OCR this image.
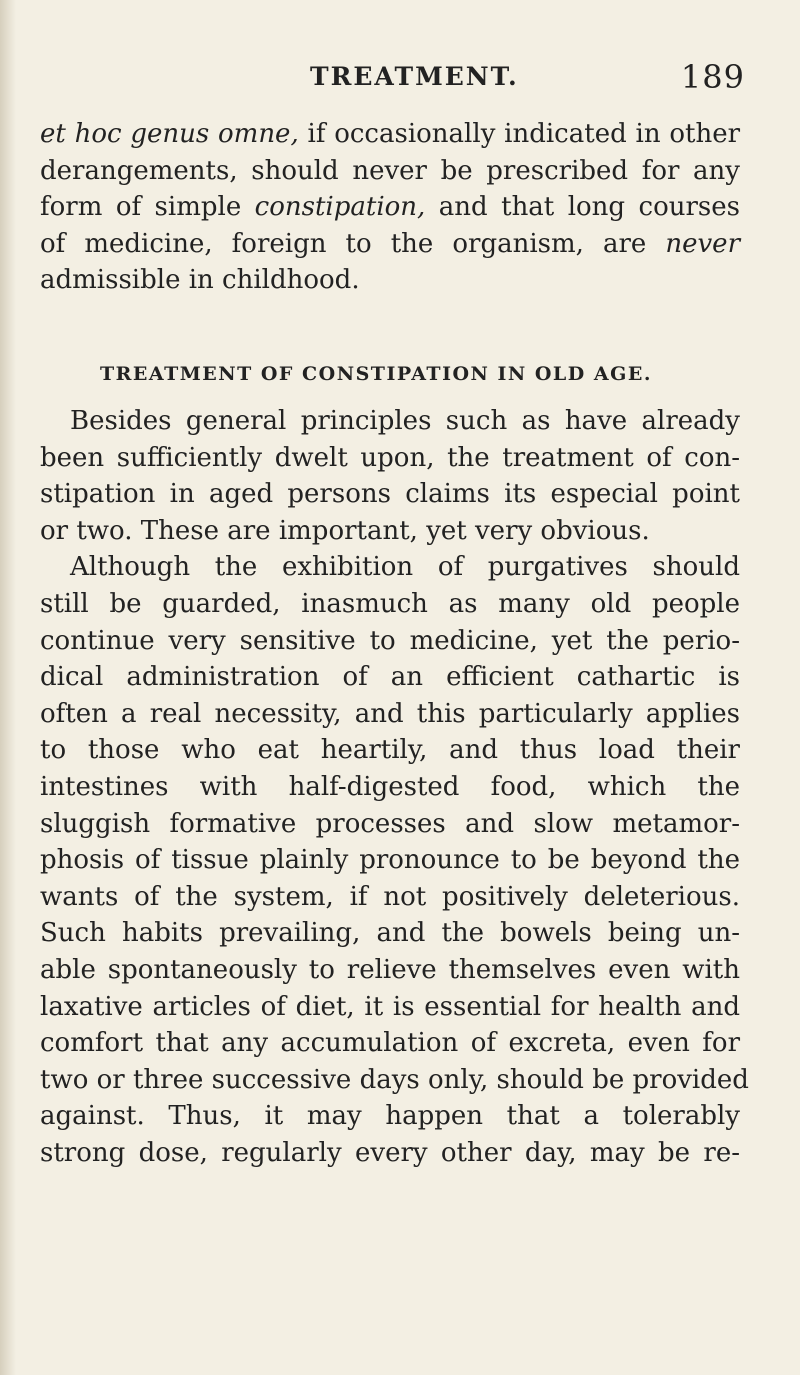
TREATMENT.	189
et hoc genus omne, if occasionally indicated in other
derangements, should never be prescribed for any
form of simple constipation, and that long courses
of medicine, foreign to the organism, are never
admissible in childhood.
TREATMENT OF CONSTIPATION IN OLD AGE.
Besides general principles such as have already
been sufficiently dwelt upon, the treatment of con-
stipation in aged persons claims its especial point
or two. These are important, yet very obvious.
Although the exhibition of purgatives should
still be guarded, inasmuch as many old people
continue very sensitive to medicine, yet the perio-
dical administration of an efficient cathartic is
often a real necessity, and this particularly applies
to those who eat heartily, and thus load their
intestines with half-digested food, which the
sluggish formative processes and slow metamor-
phosis of tissue plainly pronounce to be beyond the
wants of the system, if not positively deleterious.
Such habits prevailing, and the bowels being un-
able spontaneously to relieve themselves even with
laxative articles of diet, it is essential for health and
comfort that any accumulation of excreta, even for
two or three successive days only, should be provided
against. Thus, it may happen that a tolerably
strong dose, regularly every other day, may be re-
